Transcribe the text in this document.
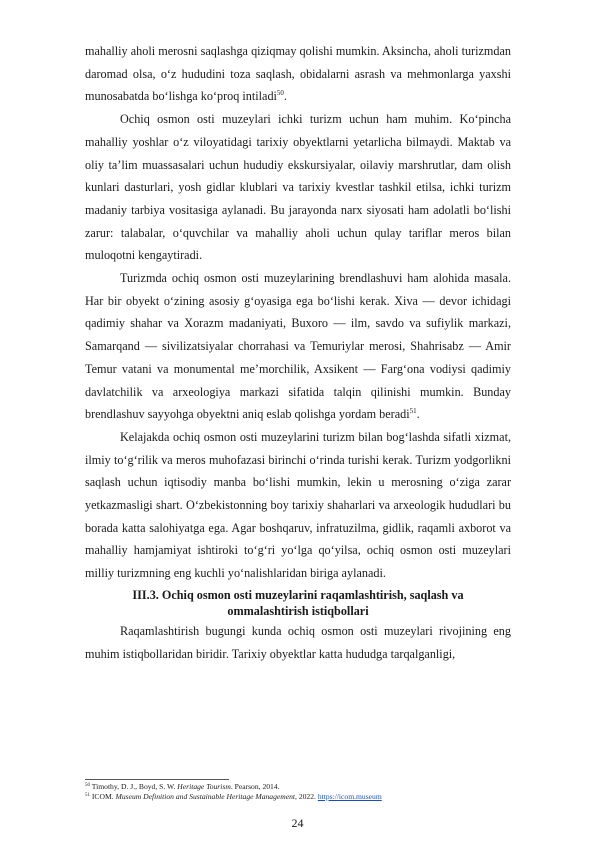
mahalliy aholi merosni saqlashga qiziqmay qolishi mumkin. Aksincha, aholi turizmdan daromad olsa, o‘z hududini toza saqlash, obidalarni asrash va mehmonlarga yaxshi munosabatda bo‘lishga ko‘proq intiladi$^{50}$.

Ochiq osmon osti muzeylari ichki turizm uchun ham muhim. Ko‘pincha mahalliy yoshlar o‘z viloyatidagi tarixiy obyektlarni yetarlicha bilmaydi. Maktab va oliy ta’lim muassasalari uchun hududiy ekskursiyalar, oilaviy marshrutlar, dam olish kunlari dasturlari, yosh gidlar klublari va tarixiy kvestlar tashkil etilsa, ichki turizm madaniy tarbiya vositasiga aylanadi. Bu jarayonda narx siyosati ham adolatli bo‘lishi zarur: talabalar, o‘quvchilar va mahalliy aholi uchun qulay tariflar meros bilan muloqotni kengaytiradi.

Turizmda ochiq osmon osti muzeylarining brendlashuvi ham alohida masala. Har bir obyekt o‘zining asosiy g‘oyasiga ega bo‘lishi kerak. Xiva — devor ichidagi qadimiy shahar va Xorazm madaniyati, Buxoro — ilm, savdo va sufiylik markazi, Samarqand — sivilizatsiyalar chorrahasi va Temuriylar merosi, Shahrisabz — Amir Temur vatani va monumental me’morchilik, Axsikent — Farg‘ona vodiysi qadimiy davlatchilik va arxeologiya markazi sifatida talqin qilinishi mumkin. Bunday brendlashuv sayyohga obyektni aniq eslab qolishga yordam beradi$^{51}$.

Kelajakda ochiq osmon osti muzeylarini turizm bilan bog‘lashda sifatli xizmat, ilmiy to‘g‘rilik va meros muhofazasi birinchi o‘rinda turishi kerak. Turizm yodgorlikni saqlash uchun iqtisodiy manba bo‘lishi mumkin, lekin u merosning o‘ziga zarar yetkazmasligi shart. O‘zbekistonning boy tarixiy shaharlari va arxeologik hududlari bu borada katta salohiyatga ega. Agar boshqaruv, infratuzilma, gidlik, raqamli axborot va mahalliy hamjamiyat ishtiroki to‘g‘ri yo‘lga qo‘yilsa, ochiq osmon osti muzeylari milliy turizmning eng kuchli yo‘nalishlaridan biriga aylanadi.

III.3. Ochiq osmon osti muzeylarini raqamlashtirish, saqlash va ommalashtirish istiqbollari

Raqamlashtirish bugungi kunda ochiq osmon osti muzeylari rivojining eng muhim istiqbollaridan biridir. Tarixiy obyektlar katta hududga tarqalganligi,

$^{50}$ Timothy, D. J., Boyd, S. W. Heritage Tourism. Pearson, 2014.
$^{51}$ ICOM. Museum Definition and Sustainable Heritage Management, 2022. https://icom.museum
24
